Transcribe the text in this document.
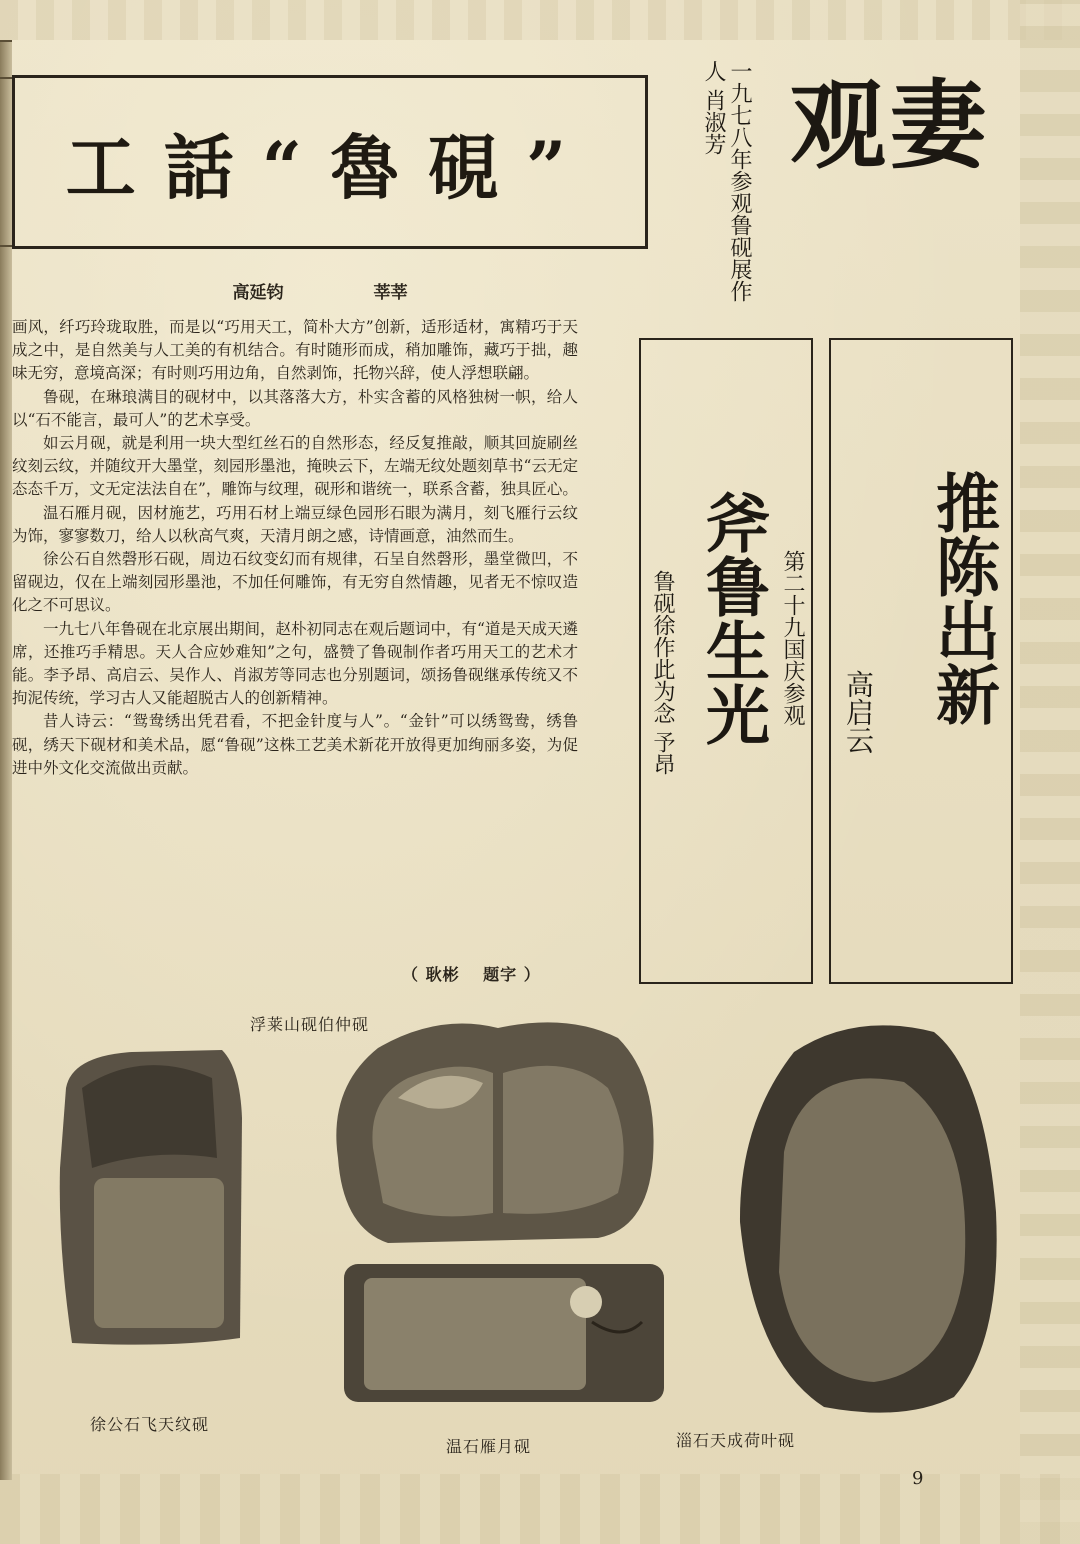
工話“魯硯”
高延钧	莘莘

画风，纤巧玲珑取胜，而是以“巧用天工，简朴大方”创新，适形适材，寓精巧于天成之中，是自然美与人工美的有机结合。有时随形而成，稍加雕饰，藏巧于拙，趣味无穷，意境高深；有时则巧用边角，自然剥饰，托物兴辞，使人浮想联翩。

鲁砚，在琳琅满目的砚材中，以其落落大方，朴实含蓄的风格独树一帜，给人以“石不能言，最可人”的艺术享受。

如云月砚，就是利用一块大型红丝石的自然形态，经反复推敲，顺其回旋刷丝纹刻云纹，并随纹开大墨堂，刻园形墨池，掩映云下，左端无纹处题刻草书“云无定态态千万，文无定法法自在”，雕饰与纹理，砚形和谐统一，联系含蓄，独具匠心。

温石雁月砚，因材施艺，巧用石材上端豆绿色园形石眼为满月，刻飞雁行云纹为饰，寥寥数刀，给人以秋高气爽，天清月朗之感，诗情画意，油然而生。

徐公石自然磬形石砚，周边石纹变幻而有规律，石呈自然磬形，墨堂微凹，不留砚边，仅在上端刻园形墨池，不加任何雕饰，有无穷自然情趣，见者无不惊叹造化之不可思议。

一九七八年鲁砚在北京展出期间，赵朴初同志在观后题词中，有“道是天成天遴席，还推巧手精思。天人合应妙难知”之句，盛赞了鲁砚制作者巧用天工的艺术才能。李予昂、高启云、吴作人、肖淑芳等同志也分别题词，颂扬鲁砚继承传统又不拘泥传统，学习古人又能超脱古人的创新精神。

昔人诗云：“鸳鸯绣出凭君看，不把金针度与人”。“金针”可以绣鸳鸯，绣鲁砚，绣天下砚材和美术品，愿“鲁砚”这株工艺美术新花开放得更加绚丽多姿，为促进中外文化交流做出贡献。

（ 耿彬　 题字 ）
观妻
一九七八年参观鲁砚展作人 肖淑芳
第二十九国庆参观
斧鲁生光
鲁砚徐作此为念 予昂	推陈出新
高启云
浮莱山砚伯仲砚
徐公石飞天纹砚
温石雁月砚	淄石天成荷叶砚
9
